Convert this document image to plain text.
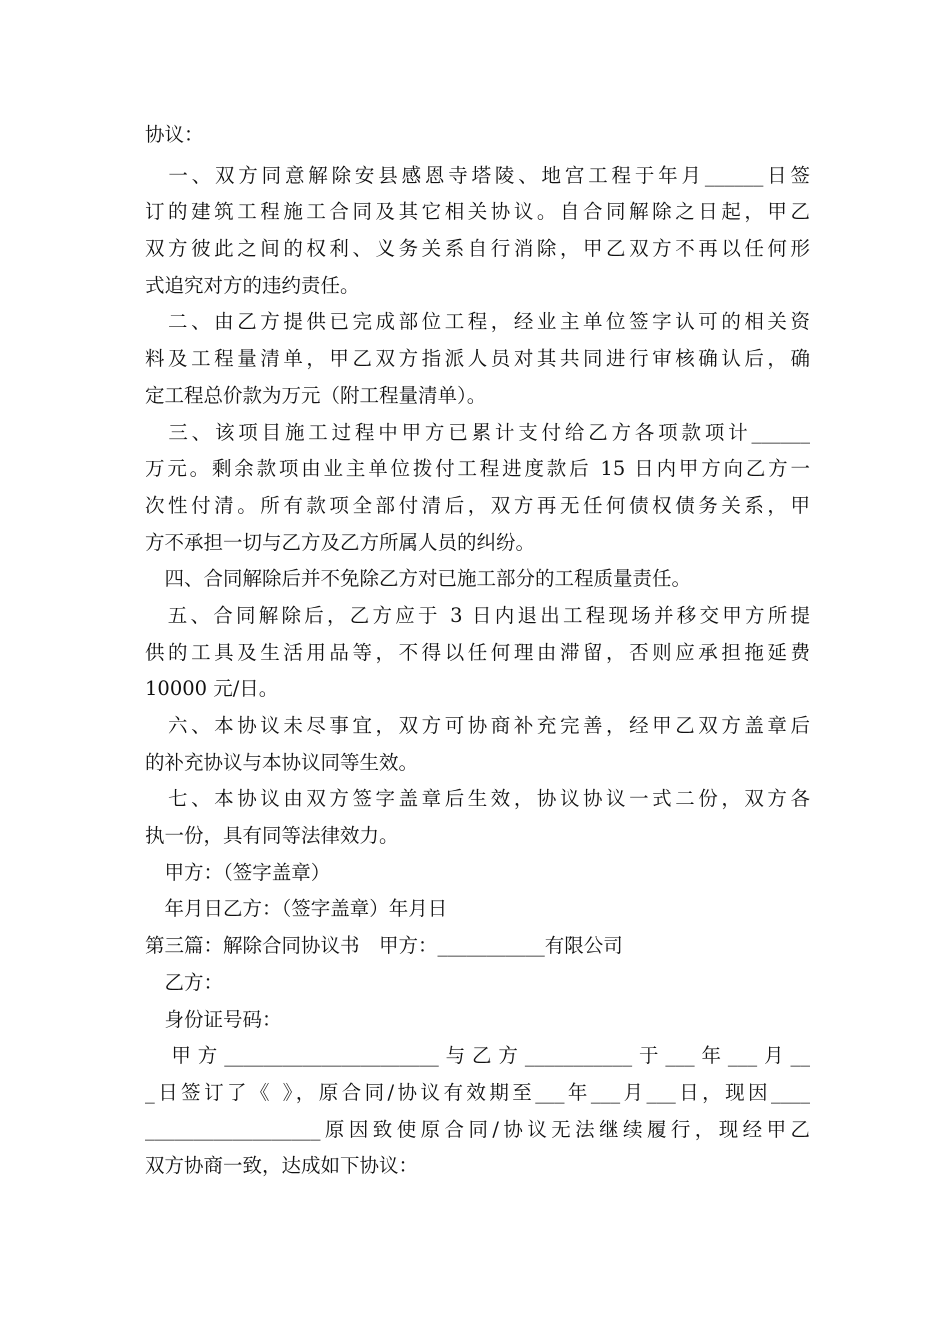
协议：
　一、双方同意解除安县感恩寺塔陵、地宫工程于年月______日签
订的建筑工程施工合同及其它相关协议。自合同解除之日起，甲乙
双方彼此之间的权利、义务关系自行消除，甲乙双方不再以任何形
式追究对方的违约责任。
　二、由乙方提供已完成部位工程，经业主单位签字认可的相关资
料及工程量清单，甲乙双方指派人员对其共同进行审核确认后，确
定工程总价款为万元（附工程量清单）。
　三、该项目施工过程中甲方已累计支付给乙方各项款项计______
万元。剩余款项由业主单位拨付工程进度款后 15 日内甲方向乙方一
次性付清。所有款项全部付清后，双方再无任何债权债务关系，甲
方不承担一切与乙方及乙方所属人员的纠纷。
　四、合同解除后并不免除乙方对已施工部分的工程质量责任。
　五、合同解除后，乙方应于 3 日内退出工程现场并移交甲方所提
供的工具及生活用品等，不得以任何理由滞留，否则应承担拖延费
10000 元/日。
　六、本协议未尽事宜，双方可协商补充完善，经甲乙双方盖章后
的补充协议与本协议同等生效。
　七、本协议由双方签字盖章后生效，协议协议一式二份，双方各
执一份，具有同等法律效力。
　甲方：（签字盖章）
　年月日乙方：（签字盖章）年月日
第三篇：解除合同协议书　甲方：___________有限公司
　乙方：
　身份证号码：
　甲方______________________与乙方___________于___年___月__
_日签订了《 》，原合同/协议有效期至___年___月___日，现因____
__________________原因致使原合同/协议无法继续履行，现经甲乙
双方协商一致，达成如下协议：
